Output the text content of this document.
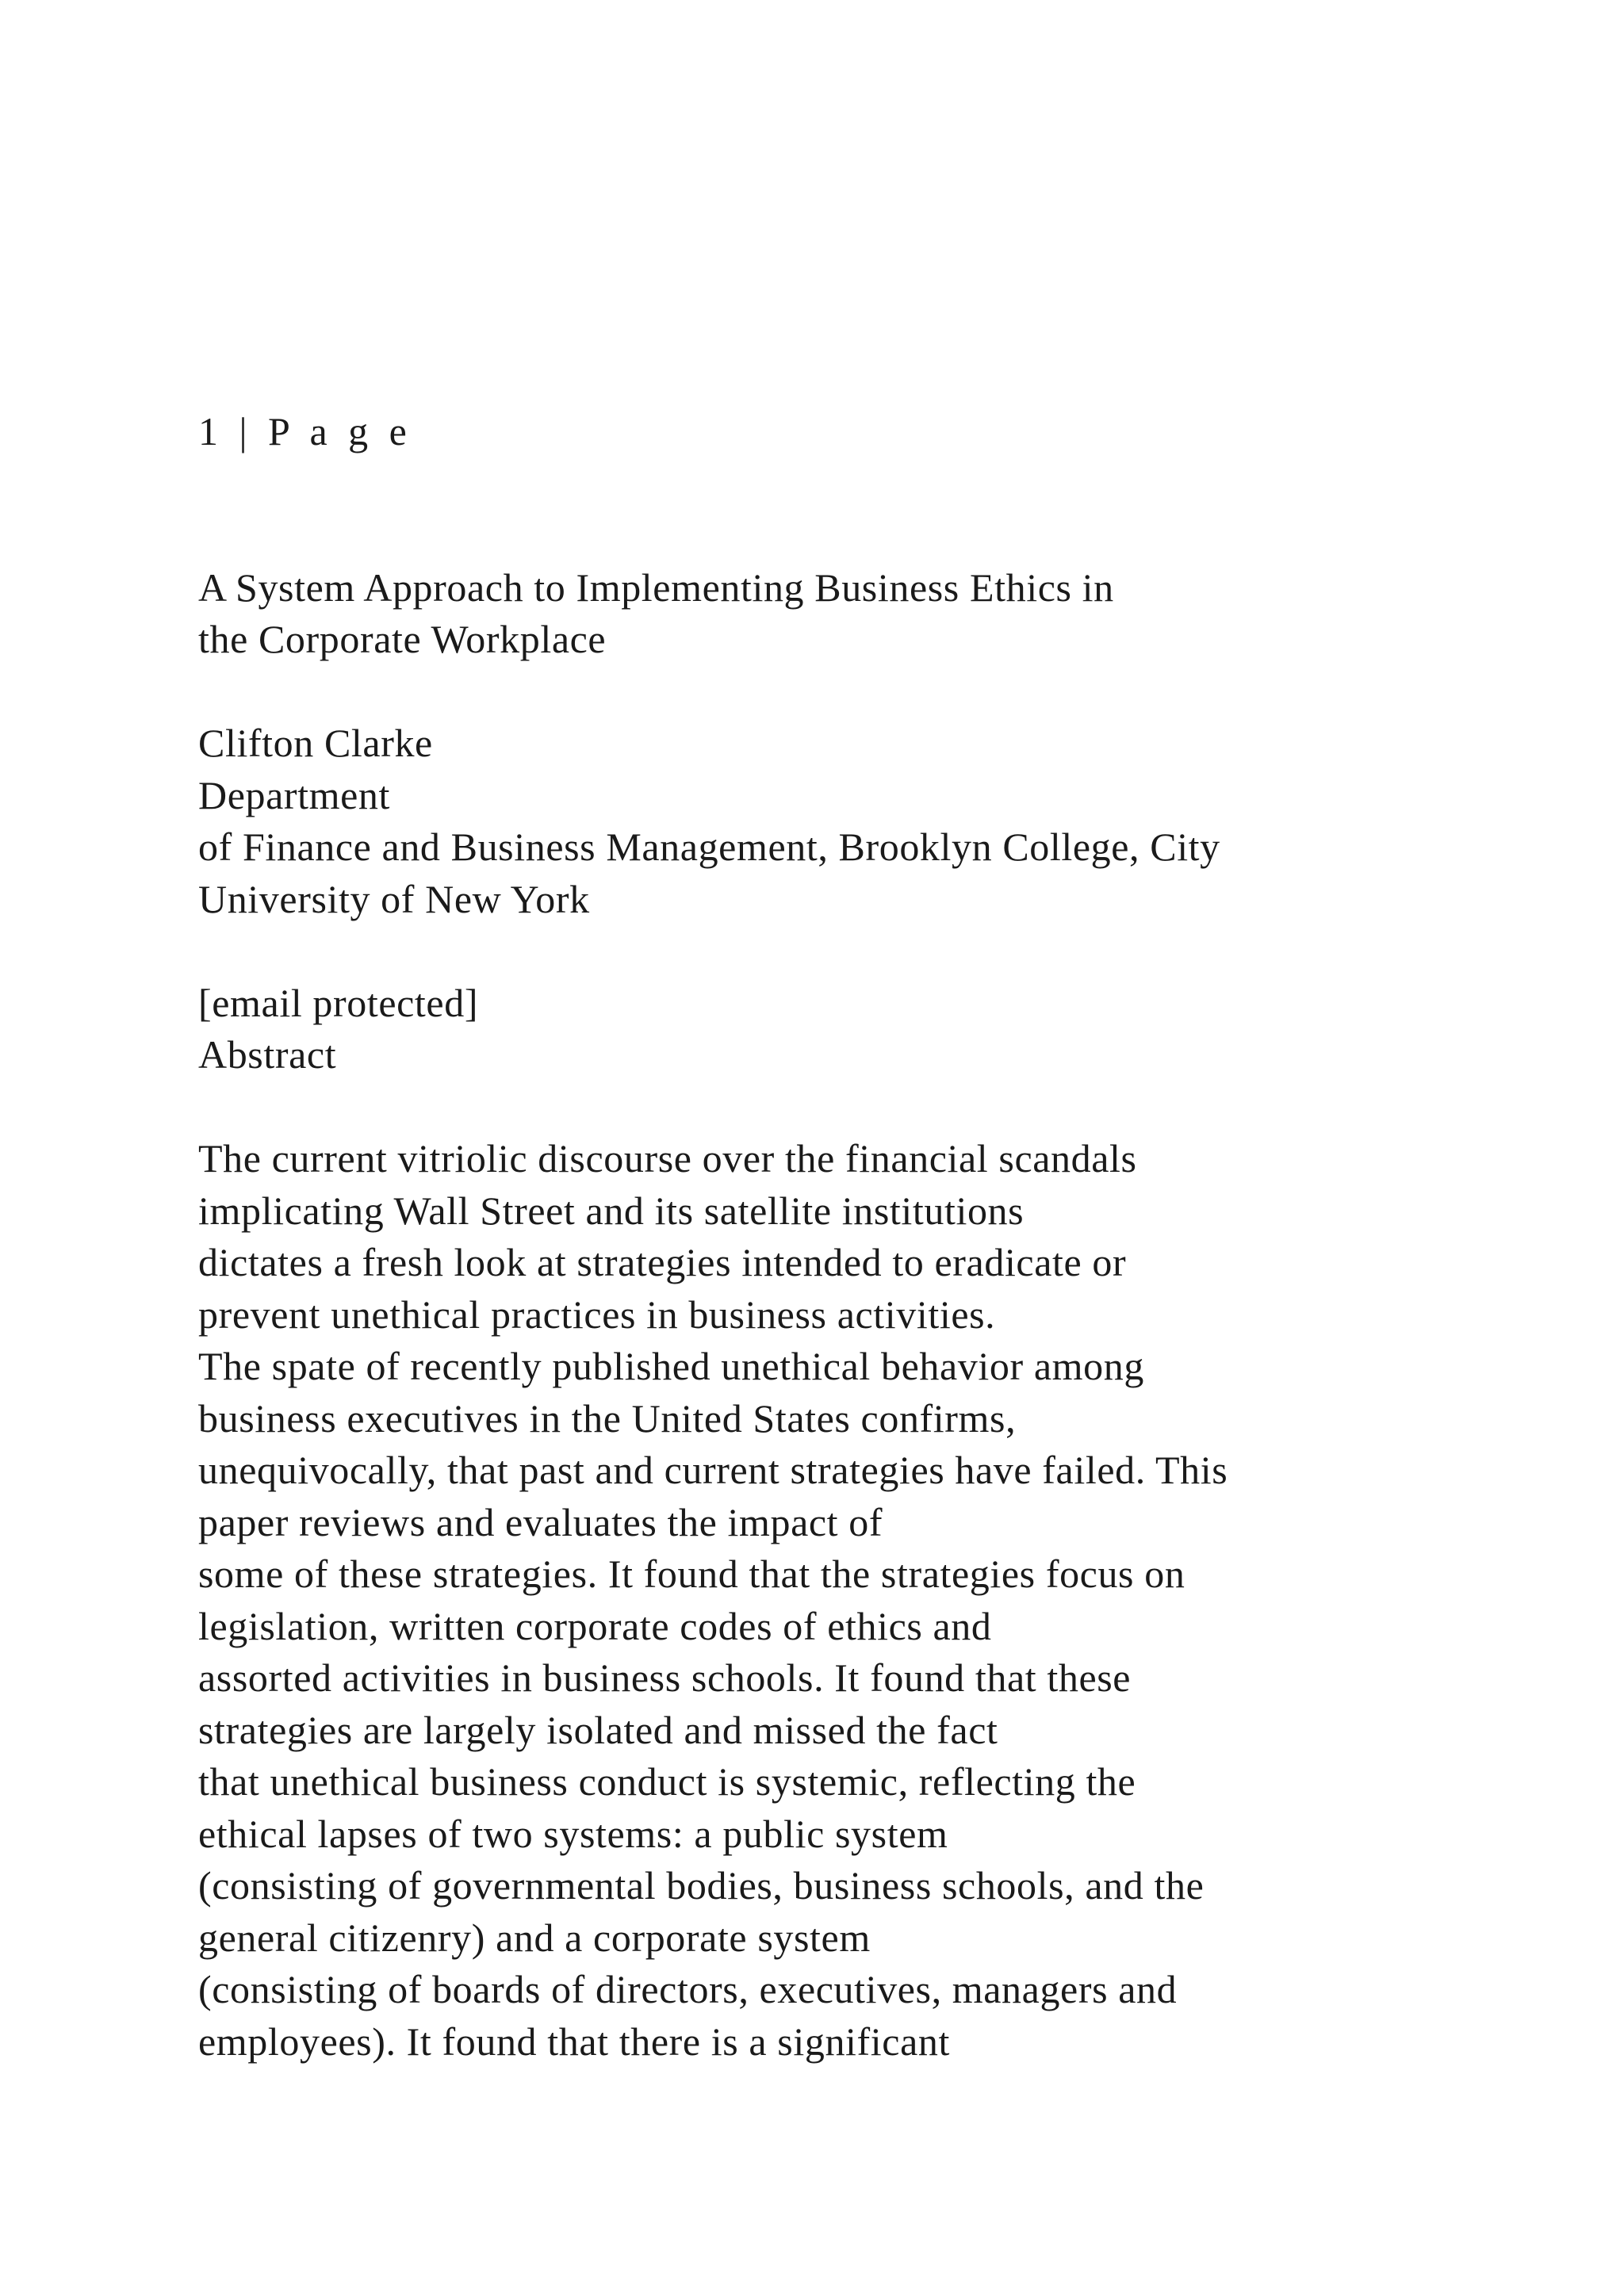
1 | P a g e
A System Approach to Implementing Business Ethics in
the Corporate Workplace
Clifton Clarke
Department
of Finance and Business Management, Brooklyn College, City
University of New York
[email protected]
Abstract
The current vitriolic discourse over the financial scandals
implicating Wall Street and its satellite institutions
dictates a fresh look at strategies intended to eradicate or
prevent unethical practices in business activities.
The spate of recently published unethical behavior among
business executives in the United States confirms,
unequivocally, that past and current strategies have failed. This
paper reviews and evaluates the impact of
some of these strategies. It found that the strategies focus on
legislation, written corporate codes of ethics and
assorted activities in business schools. It found that these
strategies are largely isolated and missed the fact
that unethical business conduct is systemic, reflecting the
ethical lapses of two systems: a public system
(consisting of governmental bodies, business schools, and the
general citizenry) and a corporate system
(consisting of boards of directors, executives, managers and
employees). It found that there is a significant
